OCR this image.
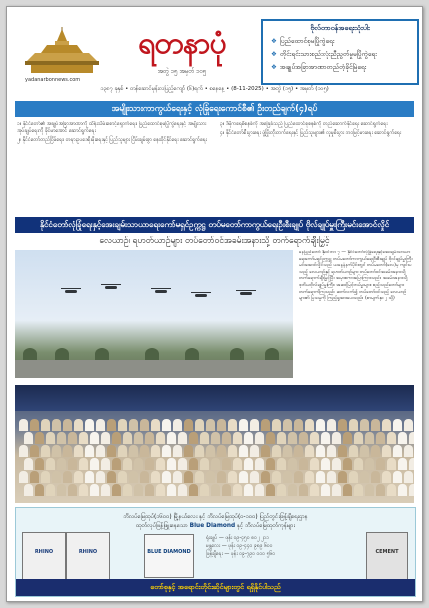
ရတနာပုံ
အတွဲ ၁၅ အမှတ် ၁၀၅
yadanarbonnews.com
၁၃၈၇ ခုနှစ် • တန်ဆောင်မုန်းလပြည့်ကျော် (၆)ရက် • စနေနေ့ • (8-11-2025) • အတွဲ (၁၅) • အမှတ် (၁၀၅)
ဗိုလ်တာဝန်အရေးသုံးပါး
❖ ပြည်ထောင်စုမပြိုကွဲရေး
❖ တိုင်းရင်းသားစည်းလုံးညီညွတ်မှုမပြိုကွဲရေး
❖ အချုပ်အခြာအာဏာတည်တံ့ခိုင်မြဲရေး
အမျိုးသားကာကွယ်ရေးနှင့် လုံခြုံရေးကောင်စီ၏ ဦးတည်ချက်(၄)ရပ်

၁။ နိုင်ငံတော်၏ အချုပ်အခြာအာဏာကို ထိန်းသိမ်းစောင့်ရှောက်ရေး၊ ပြည်ထောင်စုမပြိုကွဲရေးနှင့် အမျိုးသားအုပ်ချုပ်ရေးကို ခိုင်မာအောင် ဆောင်ရွက်ရေး

၂။ နိုင်ငံတော်တည်ငြိမ်ရေး၊ တရားဥပဒေစိုးမိုးရေးနှင့် ပြည်သူများ ငြိမ်းချမ်းစွာ နေထိုင်နိုင်ရေး ဆောင်ရွက်ရေး

၃။ ဒီမိုကရေစီစနစ်ကို အခြေခံသည့် ပြည်ထောင်စုစနစ်ကို တည်ဆောက်နိုင်ရေး ဆောင်ရွက်ရေး

၄။ နိုင်ငံတော်စီးပွားရေး ဖွံ့ဖြိုးတိုးတက်ရေးနှင့် ပြည်သူများ၏ လူမှုစီးပွား ဘဝမြင့်မားရေး ဆောင်ရွက်ရေး

နိုင်ငံတော်လုံခြုံရေးနှင့်အေးချမ်းသာယာရေးကော်မရှင်ဥက္ကဋ္ဌ တပ်မတော်ကာကွယ်ရေးဦးစီးချုပ် ဗိုလ်ချုပ်မှူးကြီးမင်းအောင်လှိုင်
လေယာဉ်၊ ရဟတ်ယာဉ်များ တပ်တော်ဝင်အခမ်းအနားသို့ တက်ရောက်ချီးမြှင့်
နေပြည်တော် နိုဝင်ဘာ ၇ — နိုင်ငံတော်လုံခြုံရေးနှင့်အေးချမ်းသာယာရေးကော်မရှင်ဥက္ကဋ္ဌ တပ်မတော်ကာကွယ်ရေးဦးစီးချုပ် ဗိုလ်ချုပ်မှူးကြီးမင်းအောင်လှိုင်သည် ယနေ့နံနက်ပိုင်းတွင် တပ်မတော်(လေ)မှ ကျင်းပသည့် လေယာဉ်နှင့် ရဟတ်ယာဉ်များ တပ်တော်ဝင်အခမ်းအနားသို့ တက်ရောက်ချီးမြှင့်ပြီး အမှာစကားပြောကြားသည်။ အခမ်းအနားသို့ ဒုတိယဗိုလ်ချုပ်မှူးကြီး၊ အဆင့်မြင့်တပ်မှူးများ၊ ဧည့်သည်တော်များ တက်ရောက်ကြသည်။ ဆက်လက်၍ တပ်တော်ဝင်သည့် လေယာဉ်များ၏ ပြသမှုကို ကြည့်ရှုအားပေးသည်။ (စာမျက်နှာ ၂ သို့)
ဘိလပ်မြေထုပ်(၁၆၀၀) မြို့နယ်လေး နှင့် ဘိလပ်မြေထုပ်(ဝ-၁၀၀) ပြည်တွင်းဖြန့်ချိရေးဌာန
ထုတ်လုပ်ဖြန့်ဖြူးနေသော Blue Diamond နှင့် ဘိလပ်မြေထုတ်ကုန်များ
RHINO	RHINO	BLUE DIAMOND
ရုံးချုပ် — ဖုန်း ၀၉-၄၅၀ ၈၀၂ ၂၁၁
မန္တလေး — ဖုန်း ၀၉-၄၄၀ ၉၈၉ ၆၀၀
ဖြန့်ချိရေး — ဖုန်း ၀၉-၇၉၀ ၀၀၀ ၅၆၀	CEMENT
တော်စုနှင့် အရောင်းတိုင်းဆိုင်များတွင် ရရှိနိုင်ပါသည်
